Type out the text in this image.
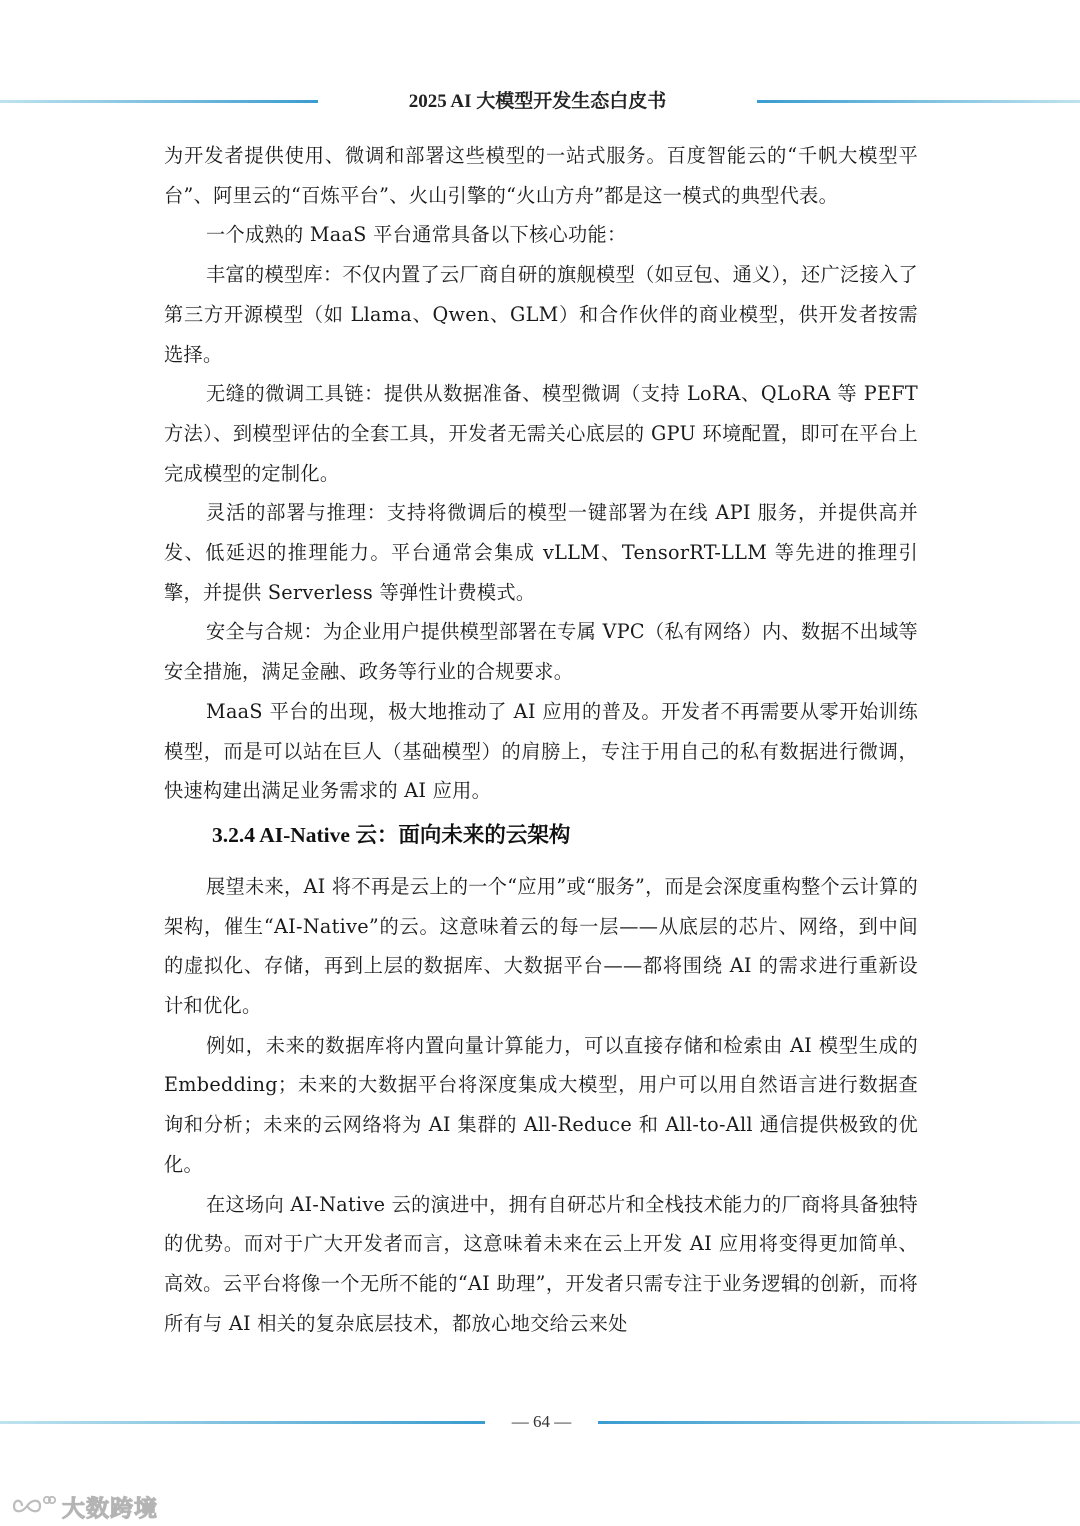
2025 AI 大模型开发生态白皮书

为开发者提供使用、微调和部署这些模型的一站式服务。百度智能云的“千帆大模型平台”、阿里云的“百炼平台”、火山引擎的“火山方舟”都是这一模式的典型代表。

一个成熟的 MaaS 平台通常具备以下核心功能：

丰富的模型库：不仅内置了云厂商自研的旗舰模型（如豆包、通义），还广泛接入了第三方开源模型（如 Llama、Qwen、GLM）和合作伙伴的商业模型，供开发者按需选择。

无缝的微调工具链：提供从数据准备、模型微调（支持 LoRA、QLoRA 等 PEFT 方法）、到模型评估的全套工具，开发者无需关心底层的 GPU 环境配置，即可在平台上完成模型的定制化。

灵活的部署与推理：支持将微调后的模型一键部署为在线 API 服务，并提供高并发、低延迟的推理能力。平台通常会集成 vLLM、TensorRT-LLM 等先进的推理引擎，并提供 Serverless 等弹性计费模式。

安全与合规：为企业用户提供模型部署在专属 VPC（私有网络）内、数据不出域等安全措施，满足金融、政务等行业的合规要求。

MaaS 平台的出现，极大地推动了 AI 应用的普及。开发者不再需要从零开始训练模型，而是可以站在巨人（基础模型）的肩膀上，专注于用自己的私有数据进行微调，快速构建出满足业务需求的 AI 应用。

3.2.4 AI-Native 云：面向未来的云架构

展望未来，AI 将不再是云上的一个“应用”或“服务”，而是会深度重构整个云计算的架构，催生“AI-Native”的云。这意味着云的每一层——从底层的芯片、网络，到中间的虚拟化、存储，再到上层的数据库、大数据平台——都将围绕 AI 的需求进行重新设计和优化。

例如，未来的数据库将内置向量计算能力，可以直接存储和检索由 AI 模型生成的 Embedding；未来的大数据平台将深度集成大模型，用户可以用自然语言进行数据查询和分析；未来的云网络将为 AI 集群的 All-Reduce 和 All-to-All 通信提供极致的优化。

在这场向 AI-Native 云的演进中，拥有自研芯片和全栈技术能力的厂商将具备独特的优势。而对于广大开发者而言，这意味着未来在云上开发 AI 应用将变得更加简单、高效。云平台将像一个无所不能的“AI 助理”，开发者只需专注于业务逻辑的创新，而将所有与 AI 相关的复杂底层技术，都放心地交给云来处

— 64 —
大数跨境
